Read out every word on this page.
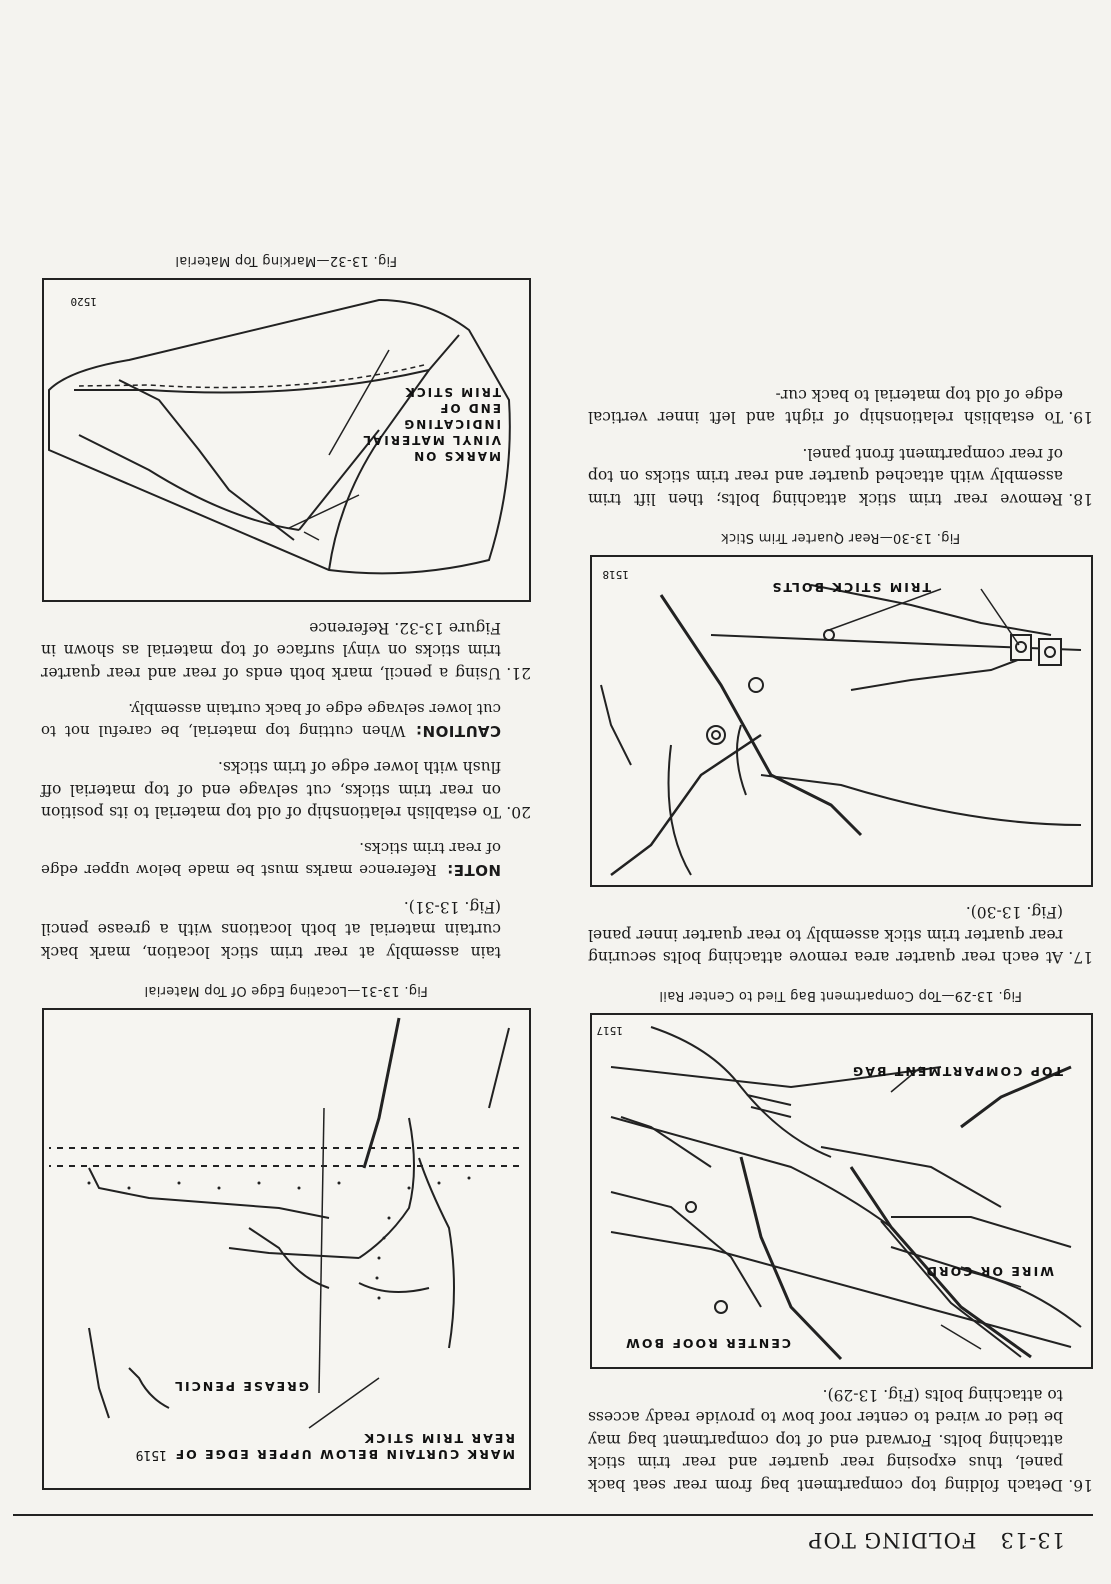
13-13   FOLDING TOP

16.
Detach folding top compartment bag from rear seat back panel, thus exposing rear quarter and rear trim stick attaching bolts. Forward end of top compartment bag may be tied or wired to center roof bow to provide ready access to attaching bolts (Fig. 13-29).

CENTER ROOF BOW
WIRE OR CORD
TOP COMPARTMENT BAG
1517
Fig. 13-29—Top Compartment Bag Tied to Center Rail

17.
At each rear quarter area remove attaching bolts securing rear quarter trim stick assembly to rear quarter inner panel (Fig. 13-30).

TRIM STICK BOLTS
1518
Fig. 13-30—Rear Quarter Trim Stick

18.
Remove rear trim stick attaching bolts; then lift trim assembly with attached quarter and rear trim sticks on top of rear compartment front panel.

19.
To establish relationship of right and left inner vertical edge of old top material to back cur-

MARK CURTAIN BELOW UPPER EDGE OF
REAR TRIM STICK
GREASE PENCIL
1519
Fig. 13-31—Locating Edge Of Top Material

tain assembly at rear trim stick location, mark back curtain material at both locations with a grease pencil (Fig. 13-31).

NOTE:Reference marks must be made below upper edge of rear trim sticks.

20.
To establish relationship of old top material to its position on rear trim sticks, cut selvage end of top material off flush with lower edge of trim sticks.

CAUTION:When cutting top material, be careful not to cut lower selvage edge of back curtain assembly.

21.
Using a pencil, mark both ends of rear and rear quarter trim sticks on vinyl surface of top material as shown in Figure 13-32. Reference

MARKS ON
VINYL MATERIAL
INDICATING
END OF
TRIM STICK
1520
Fig. 13-32—Marking Top Material
